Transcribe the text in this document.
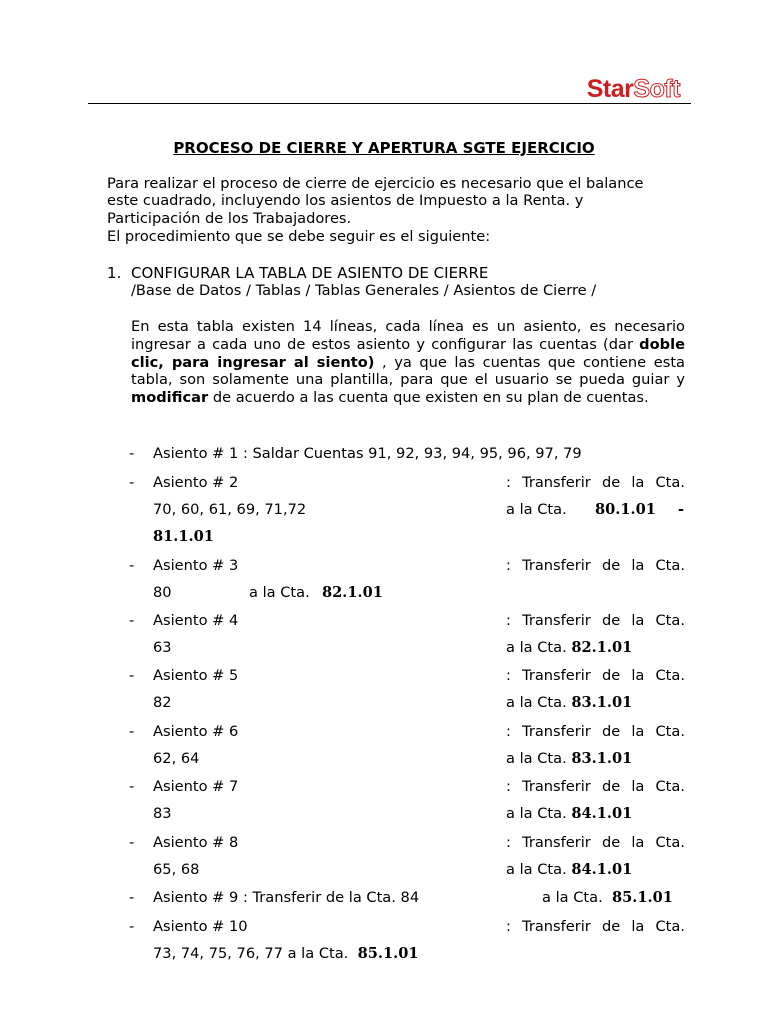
StarSoft
PROCESO DE CIERRE Y APERTURA SGTE EJERCICIO
Para realizar el proceso de cierre de ejercicio es necesario que el balance
este cuadrado, incluyendo los asientos de Impuesto a la Renta. y
Participación de los Trabajadores.
El procedimiento que se debe seguir es el siguiente:
1. CONFIGURAR LA TABLA DE ASIENTO DE CIERRE
/Base de Datos / Tablas / Tablas Generales / Asientos de Cierre /
En esta tabla existen 14 líneas, cada línea es un asiento, es necesario ingresar a cada uno de estos asiento y configurar las cuentas (dar doble clic, para ingresar al siento) , ya que las cuentas que contiene esta tabla, son solamente una plantilla, para que el usuario se pueda guiar y modificar de acuerdo a las cuenta que existen en su plan de cuentas.
- Asiento # 1 : Saldar Cuentas 91, 92, 93, 94, 95, 96, 97, 79
- Asiento # 2	: Transferir de la Cta.
70, 60, 61, 69, 71,72	a la Cta. 80.1.01 -
81.1.01
- Asiento # 3	: Transferir de la Cta.
80	a la Cta. 82.1.01
- Asiento # 4	: Transferir de la Cta.
63	a la Cta. 82.1.01
- Asiento # 5	: Transferir de la Cta.
82	a la Cta. 83.1.01
- Asiento # 6	: Transferir de la Cta.
62, 64	a la Cta. 83.1.01
- Asiento # 7	: Transferir de la Cta.
83	a la Cta. 84.1.01
- Asiento # 8	: Transferir de la Cta.
65, 68	a la Cta. 84.1.01
- Asiento # 9 : Transferir de la Cta. 84	a la Cta. 85.1.01
- Asiento # 10	: Transferir de la Cta.
73, 74, 75, 76, 77 a la Cta. 85.1.01
